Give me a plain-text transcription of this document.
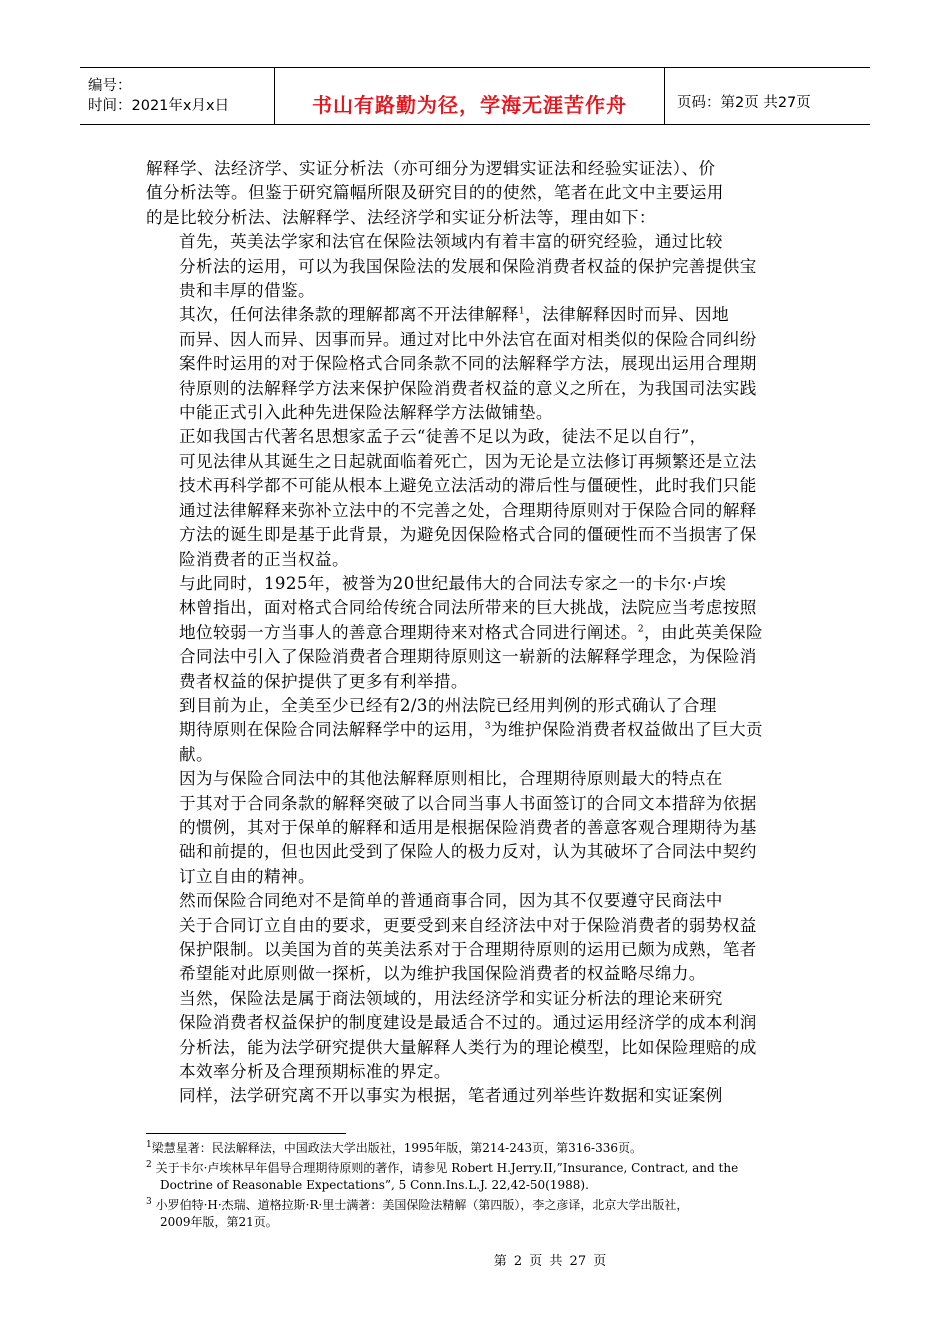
编号：
时间：2021年x月x日	书山有路勤为径，学海无涯苦作舟	页码：第2页 共27页

解释学、法经济学、实证分析法（亦可细分为逻辑实证法和经验实证法）、价
值分析法等。但鉴于研究篇幅所限及研究目的的使然，笔者在此文中主要运用
的是比较分析法、法解释学、法经济学和实证分析法等，理由如下：

首先，英美法学家和法官在保险法领域内有着丰富的研究经验，通过比较
分析法的运用，可以为我国保险法的发展和保险消费者权益的保护完善提供宝
贵和丰厚的借鉴。

其次，任何法律条款的理解都离不开法律解释$^1$，法律解释因时而异、因地
而异、因人而异、因事而异。通过对比中外法官在面对相类似的保险合同纠纷
案件时运用的对于保险格式合同条款不同的法解释学方法，展现出运用合理期
待原则的法解释学方法来保护保险消费者权益的意义之所在，为我国司法实践
中能正式引入此种先进保险法解释学方法做铺垫。

正如我国古代著名思想家孟子云“徒善不足以为政，徒法不足以自行”，
可见法律从其诞生之日起就面临着死亡，因为无论是立法修订再频繁还是立法
技术再科学都不可能从根本上避免立法活动的滞后性与僵硬性，此时我们只能
通过法律解释来弥补立法中的不完善之处，合理期待原则对于保险合同的解释
方法的诞生即是基于此背景，为避免因保险格式合同的僵硬性而不当损害了保
险消费者的正当权益。

与此同时，1925年，被誉为20世纪最伟大的合同法专家之一的卡尔·卢埃
林曾指出，面对格式合同给传统合同法所带来的巨大挑战，法院应当考虑按照
地位较弱一方当事人的善意合理期待来对格式合同进行阐述。$^2$，由此英美保险
合同法中引入了保险消费者合理期待原则这一崭新的法解释学理念，为保险消
费者权益的保护提供了更多有利举措。

到目前为止，全美至少已经有2/3的州法院已经用判例的形式确认了合理
期待原则在保险合同法解释学中的运用，$^3$为维护保险消费者权益做出了巨大贡
献。

因为与保险合同法中的其他法解释原则相比，合理期待原则最大的特点在
于其对于合同条款的解释突破了以合同当事人书面签订的合同文本措辞为依据
的惯例，其对于保单的解释和适用是根据保险消费者的善意客观合理期待为基
础和前提的，但也因此受到了保险人的极力反对，认为其破坏了合同法中契约
订立自由的精神。

然而保险合同绝对不是简单的普通商事合同，因为其不仅要遵守民商法中
关于合同订立自由的要求，更要受到来自经济法中对于保险消费者的弱势权益
保护限制。以美国为首的英美法系对于合理期待原则的运用已颇为成熟，笔者
希望能对此原则做一探析，以为维护我国保险消费者的权益略尽绵力。

当然，保险法是属于商法领域的，用法经济学和实证分析法的理论来研究
保险消费者权益保护的制度建设是最适合不过的。通过运用经济学的成本利润
分析法，能为法学研究提供大量解释人类行为的理论模型，比如保险理赔的成
本效率分析及合理预期标准的界定。

同样，法学研究离不开以事实为根据，笔者通过列举些许数据和实证案例

$^1$梁慧星著：民法解释法，中国政法大学出版社，1995年版，第214-243页，第316-336页。
$^2$ 关于卡尔·卢埃林早年倡导合理期待原则的著作，请参见 Robert H.Jerry.II,”Insurance, Contract, and the
Doctrine of Reasonable Expectations”, 5 Conn.Ins.L.J. 22,42-50(1988).
$^3$ 小罗伯特·H·杰瑞、道格拉斯·R·里士满著：美国保险法精解（第四版），李之彦译，北京大学出版社，
2009年版，第21页。
第 2 页 共 27 页
